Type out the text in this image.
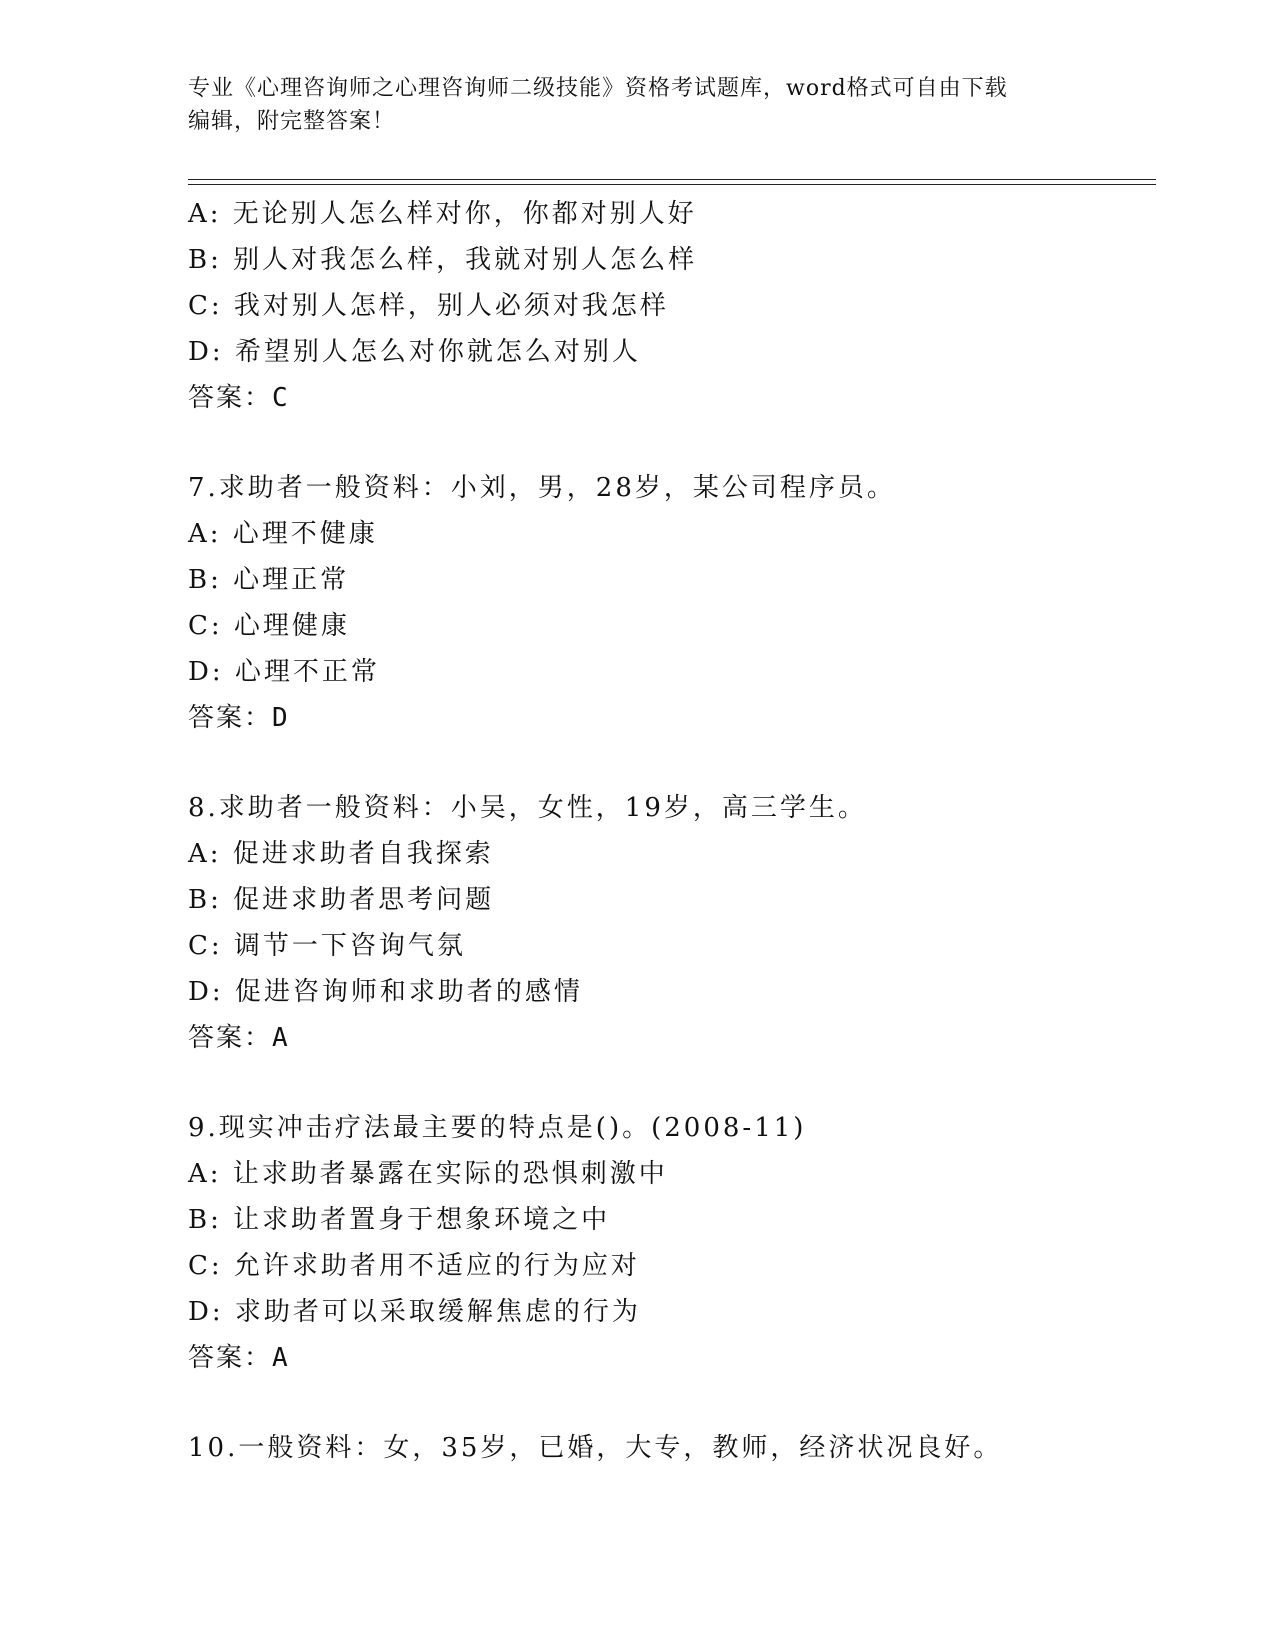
专业《心理咨询师之心理咨询师二级技能》资格考试题库，word格式可自由下载
编辑，附完整答案！
A: 无论别人怎么样对你，你都对别人好
B: 别人对我怎么样，我就对别人怎么样
C: 我对别人怎样，别人必须对我怎样
D: 希望别人怎么对你就怎么对别人
答案：C
7.求助者一般资料：小刘，男，28岁，某公司程序员。
A: 心理不健康
B: 心理正常
C: 心理健康
D: 心理不正常
答案：D
8.求助者一般资料：小吴，女性，19岁，高三学生。
A: 促进求助者自我探索
B: 促进求助者思考问题
C: 调节一下咨询气氛
D: 促进咨询师和求助者的感情
答案：A
9.现实冲击疗法最主要的特点是()。(2008-11)
A: 让求助者暴露在实际的恐惧刺激中
B: 让求助者置身于想象环境之中
C: 允许求助者用不适应的行为应对
D: 求助者可以采取缓解焦虑的行为
答案：A
10.一般资料：女，35岁，已婚，大专，教师，经济状况良好。
